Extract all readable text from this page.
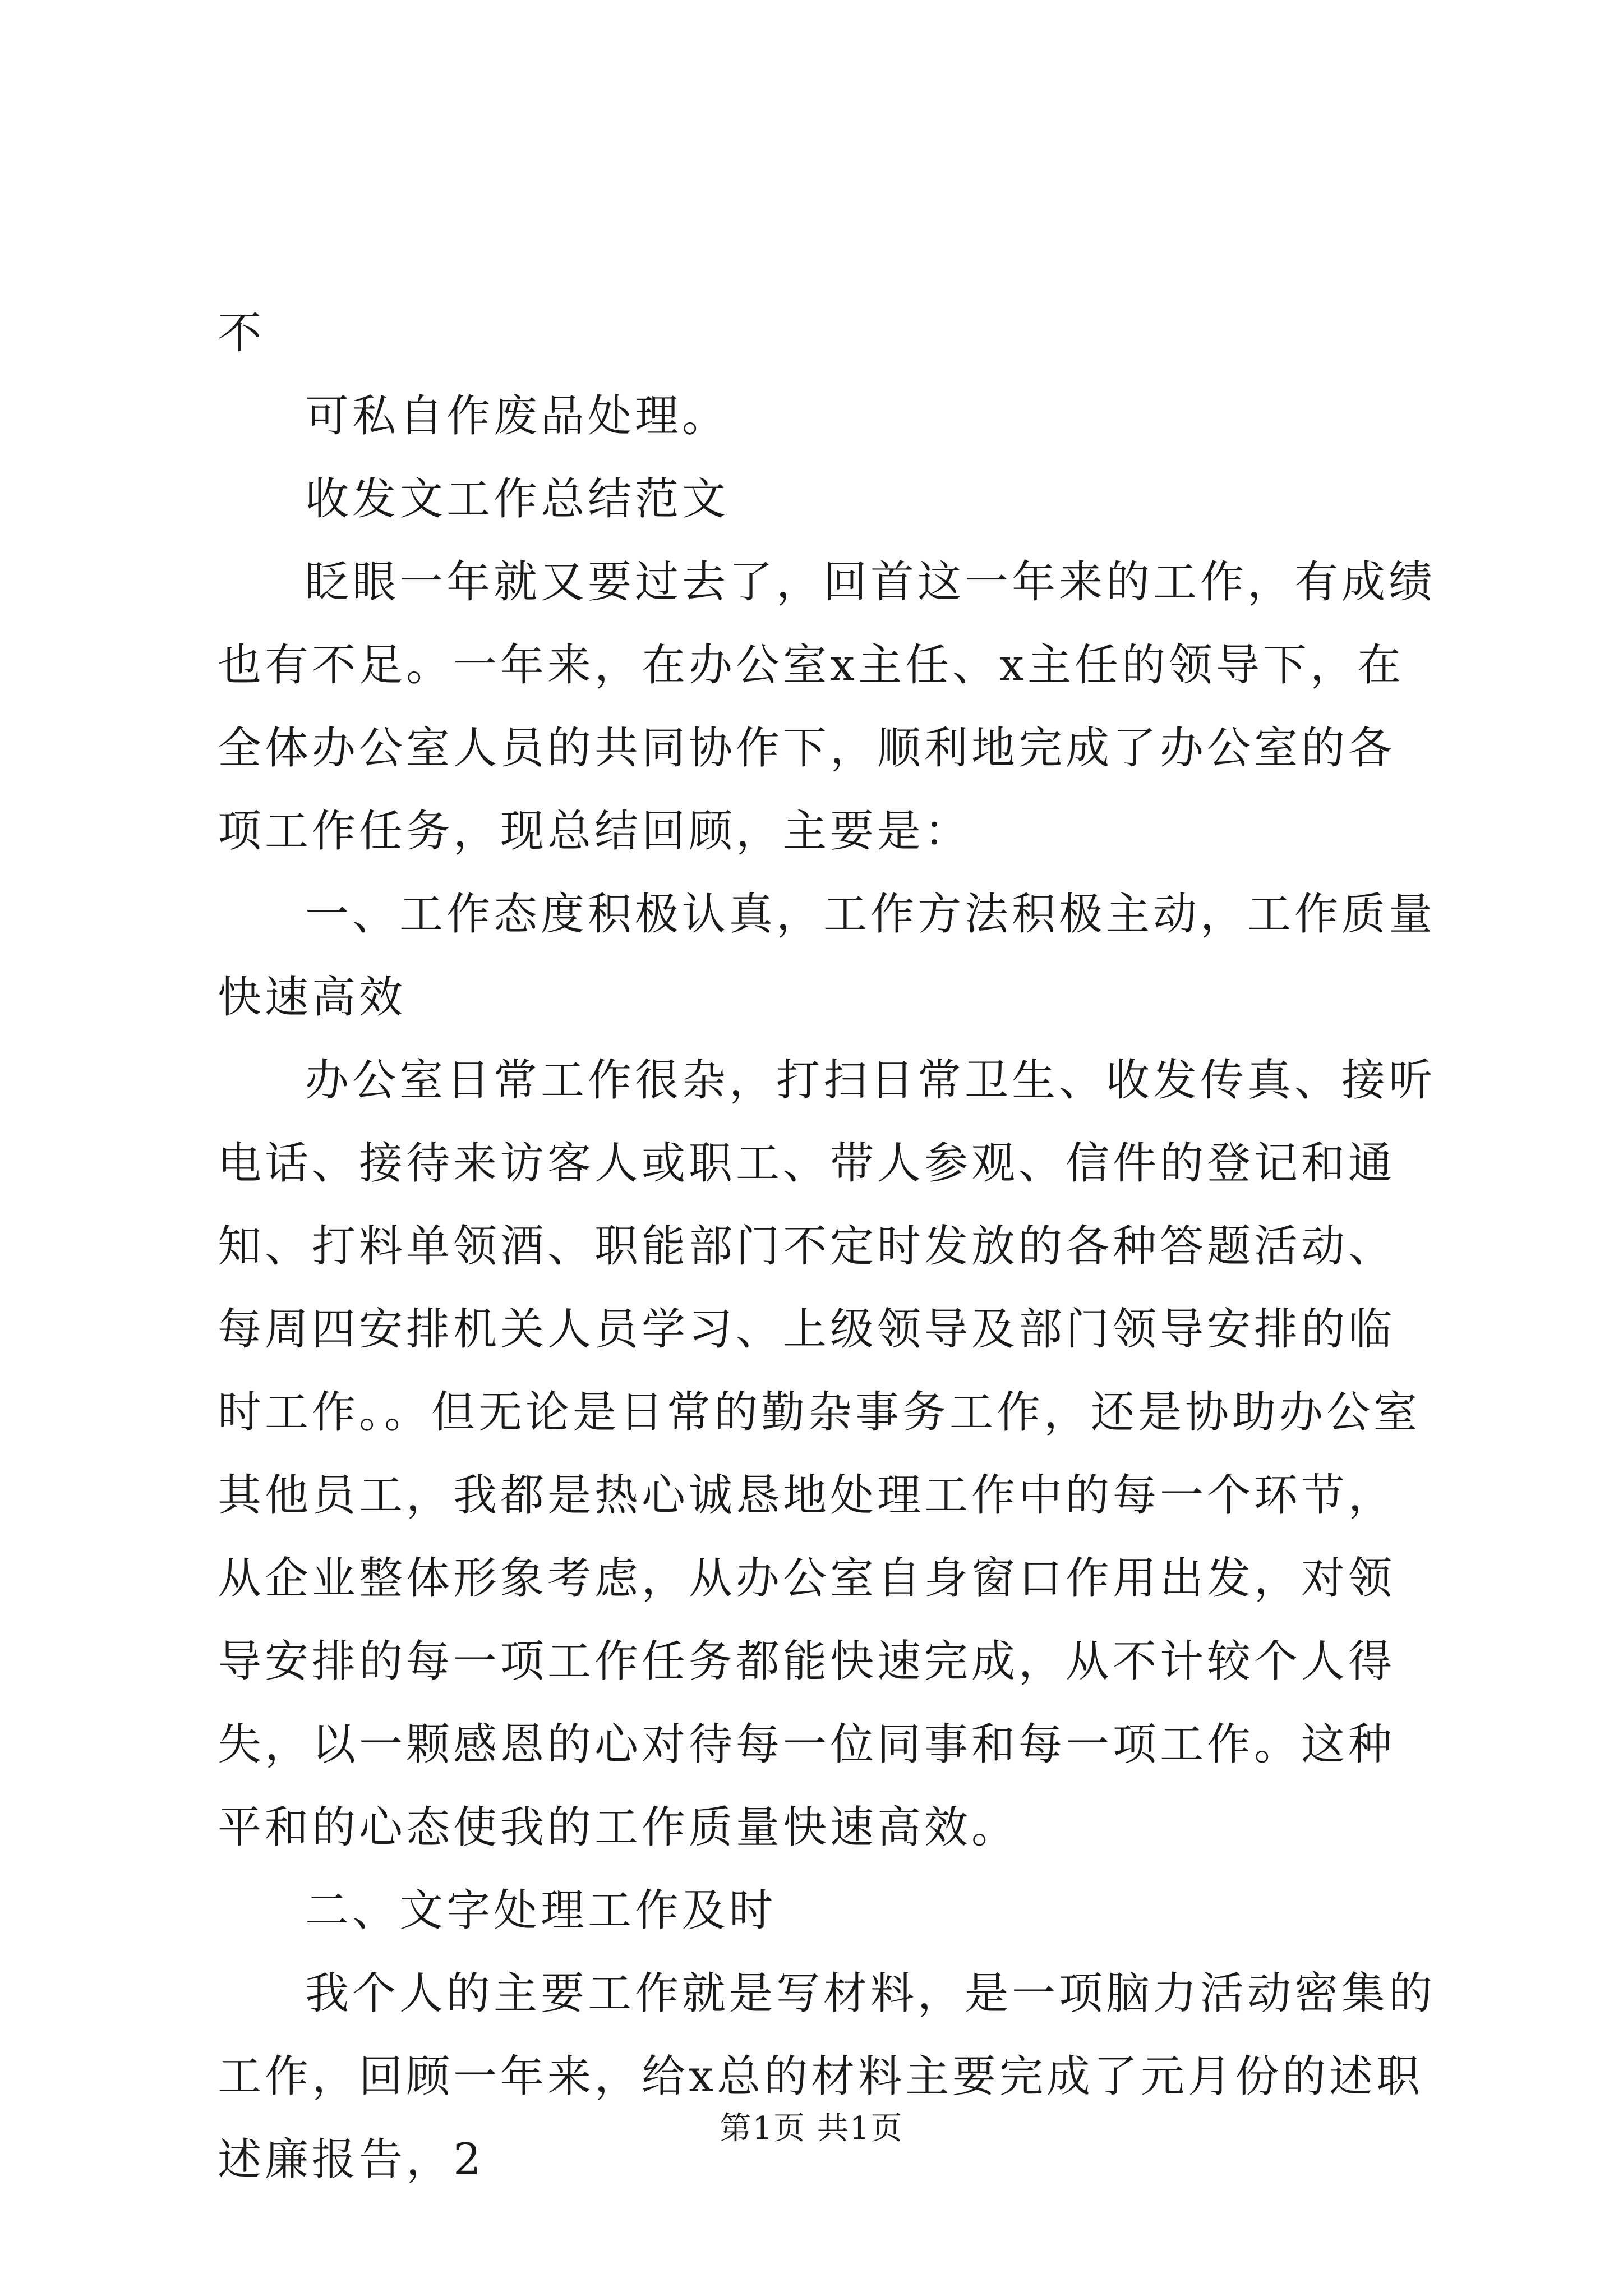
不

可私自作废品处理。

收发文工作总结范文

眨眼一年就又要过去了，回首这一年来的工作，有成绩也有不足。一年来，在办公室x主任、x主任的领导下，在全体办公室人员的共同协作下，顺利地完成了办公室的各项工作任务，现总结回顾，主要是：

一、工作态度积极认真，工作方法积极主动，工作质量快速高效

办公室日常工作很杂，打扫日常卫生、收发传真、接听电话、接待来访客人或职工、带人参观、信件的登记和通知、打料单领酒、职能部门不定时发放的各种答题活动、每周四安排机关人员学习、上级领导及部门领导安排的临时工作。。但无论是日常的勤杂事务工作，还是协助办公室其他员工，我都是热心诚恳地处理工作中的每一个环节，从企业整体形象考虑，从办公室自身窗口作用出发，对领导安排的每一项工作任务都能快速完成，从不计较个人得失，以一颗感恩的心对待每一位同事和每一项工作。这种平和的心态使我的工作质量快速高效。

二、文字处理工作及时

我个人的主要工作就是写材料，是一项脑力活动密集的工作，回顾一年来，给x总的材料主要完成了元月份的述职述廉报告，2

第1页 共1页
